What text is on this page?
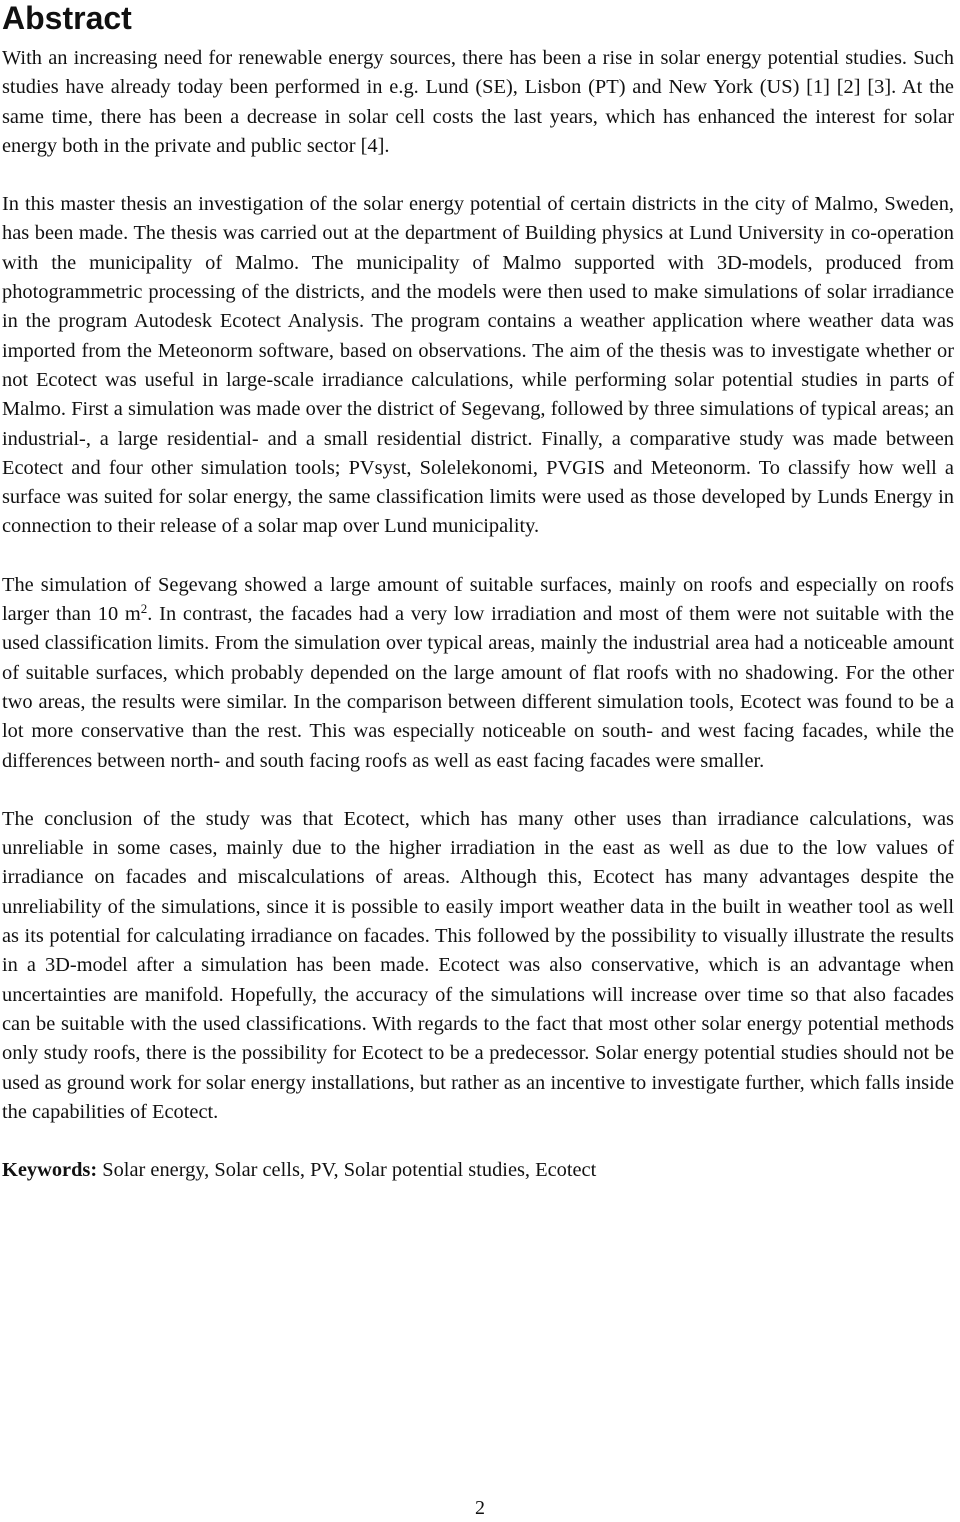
Abstract

With an increasing need for renewable energy sources, there has been a rise in solar energy potential studies. Such studies have already today been performed in e.g. Lund (SE), Lisbon (PT) and New York (US) [1] [2] [3]. At the same time, there has been a decrease in solar cell costs the last years, which has enhanced the interest for solar energy both in the private and public sector [4].

In this master thesis an investigation of the solar energy potential of certain districts in the city of Malmo, Sweden, has been made. The thesis was carried out at the department of Building physics at Lund University in co-operation with the municipality of Malmo. The municipality of Malmo supported with 3D-models, produced from photogrammetric processing of the districts, and the models were then used to make simulations of solar irradiance in the program Autodesk Ecotect Analysis. The program contains a weather application where weather data was imported from the Meteonorm software, based on observations. The aim of the thesis was to investigate whether or not Ecotect was useful in large-scale irradiance calculations, while performing solar potential studies in parts of Malmo. First a simulation was made over the district of Segevang, followed by three simulations of typical areas; an industrial-, a large residential- and a small residential district. Finally, a comparative study was made between Ecotect and four other simulation tools; PVsyst, Solelekonomi, PVGIS and Meteonorm. To classify how well a surface was suited for solar energy, the same classification limits were used as those developed by Lunds Energy in connection to their release of a solar map over Lund municipality.

The simulation of Segevang showed a large amount of suitable surfaces, mainly on roofs and especially on roofs larger than 10 $m^2$. In contrast, the facades had a very low irradiation and most of them were not suitable with the used classification limits. From the simulation over typical areas, mainly the industrial area had a noticeable amount of suitable surfaces, which probably depended on the large amount of flat roofs with no shadowing. For the other two areas, the results were similar. In the comparison between different simulation tools, Ecotect was found to be a lot more conservative than the rest. This was especially noticeable on south- and west facing facades, while the differences between north- and south facing roofs as well as east facing facades were smaller.

The conclusion of the study was that Ecotect, which has many other uses than irradiance calculations, was unreliable in some cases, mainly due to the higher irradiation in the east as well as due to the low values of irradiance on facades and miscalculations of areas. Although this, Ecotect has many advantages despite the unreliability of the simulations, since it is possible to easily import weather data in the built in weather tool as well as its potential for calculating irradiance on facades. This followed by the possibility to visually illustrate the results in a 3D-model after a simulation has been made. Ecotect was also conservative, which is an advantage when uncertainties are manifold. Hopefully, the accuracy of the simulations will increase over time so that also facades can be suitable with the used classifications. With regards to the fact that most other solar energy potential methods only study roofs, there is the possibility for Ecotect to be a predecessor. Solar energy potential studies should not be used as ground work for solar energy installations, but rather as an incentive to investigate further, which falls inside the capabilities of Ecotect.

Keywords: Solar energy, Solar cells, PV, Solar potential studies, Ecotect

2
